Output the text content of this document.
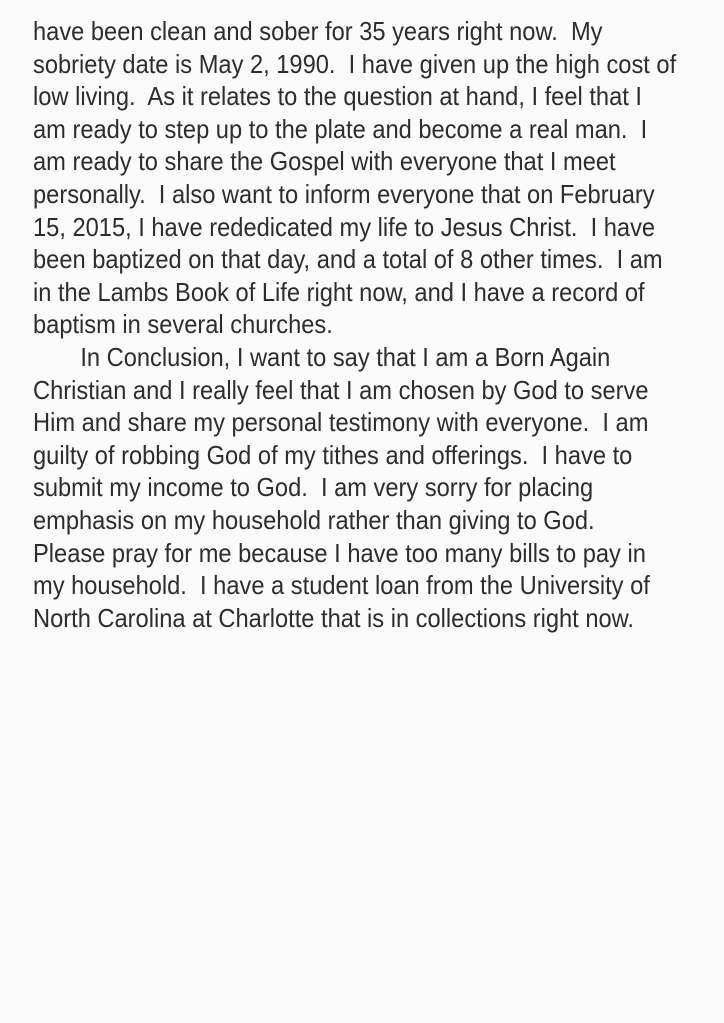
have been clean and sober for 35 years right now.  My
sobriety date is May 2, 1990.  I have given up the high cost of
low living.  As it relates to the question at hand, I feel that I
am ready to step up to the plate and become a real man.  I
am ready to share the Gospel with everyone that I meet
personally.  I also want to inform everyone that on February
15, 2015, I have rededicated my life to Jesus Christ.  I have
been baptized on that day, and a total of 8 other times.  I am
in the Lambs Book of Life right now, and I have a record of
baptism in several churches.
In Conclusion, I want to say that I am a Born Again
Christian and I really feel that I am chosen by God to serve
Him and share my personal testimony with everyone.  I am
guilty of robbing God of my tithes and offerings.  I have to
submit my income to God.  I am very sorry for placing
emphasis on my household rather than giving to God.
Please pray for me because I have too many bills to pay in
my household.  I have a student loan from the University of
North Carolina at Charlotte that is in collections right now.
